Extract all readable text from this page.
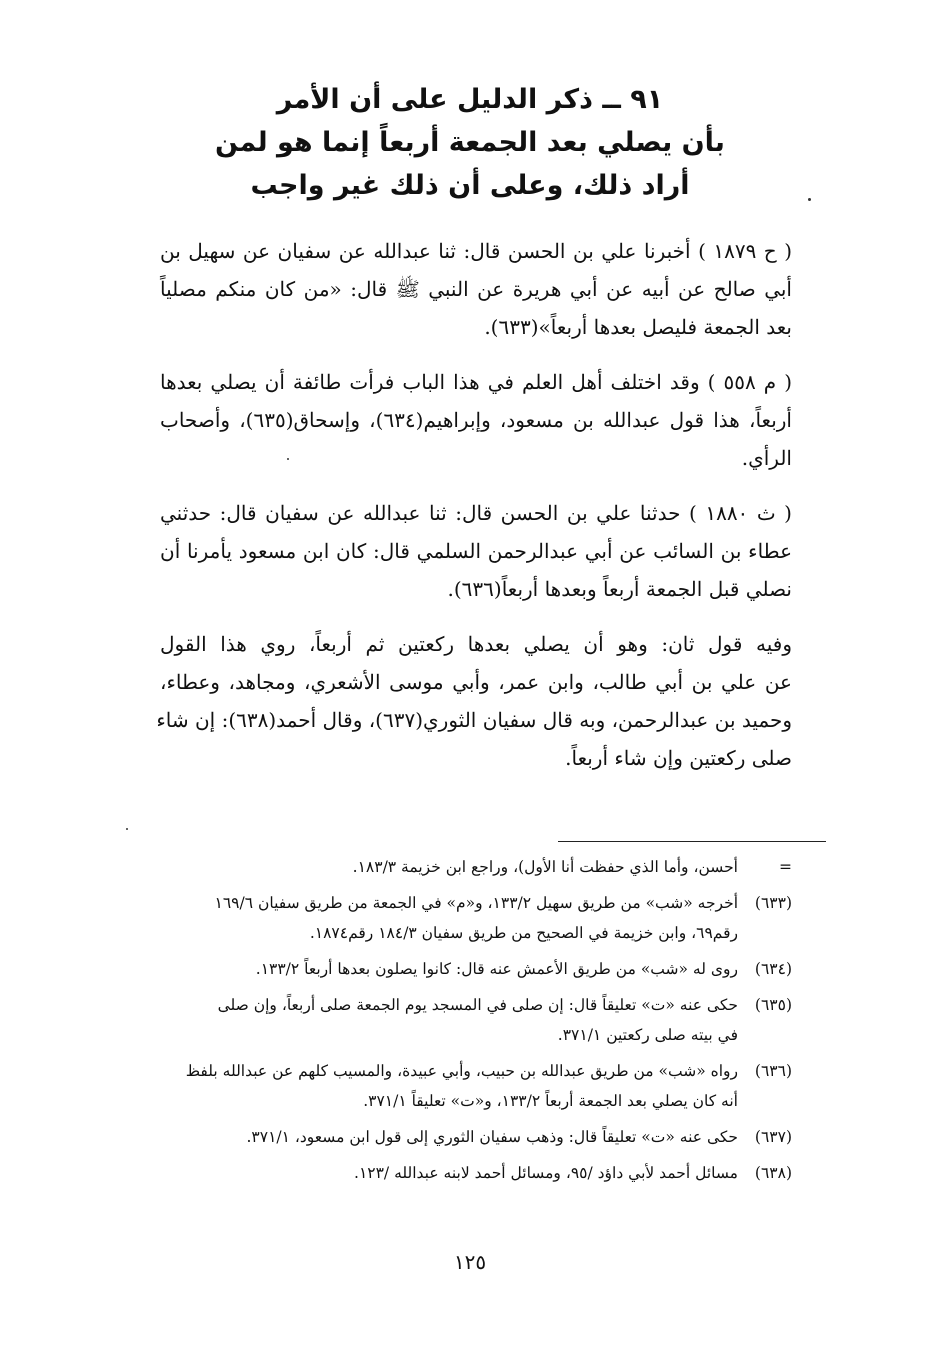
٩١ ــ ذكر الدليل على أن الأمر
بأن يصلي بعد الجمعة أربعاً إنما هو لمن
أراد ذلك، وعلى أن ذلك غير واجب
( ح ١٨٧٩ ) أخبرنا علي بن الحسن قال: ثنا عبدالله عن سفيان عن سهيل بن
أبي صالح عن أبيه عن أبي هريرة عن النبي ﷺ قال: «من كان منكم مصلياً
بعد الجمعة فليصل بعدها أربعاً»(٦٣٣).
( م ٥٥٨ ) وقد اختلف أهل العلم في هذا الباب فرأت طائفة أن يصلي بعدها
أربعاً، هذا قول عبدالله بن مسعود، وإبراهيم(٦٣٤)، وإسحاق(٦٣٥)، وأصحاب
الرأي.
( ث ١٨٨٠ ) حدثنا علي بن الحسن قال: ثنا عبدالله عن سفيان قال: حدثني
عطاء بن السائب عن أبي عبدالرحمن السلمي قال: كان ابن مسعود يأمرنا أن
نصلي قبل الجمعة أربعاً وبعدها أربعاً(٦٣٦).
وفيه قول ثان: وهو أن يصلي بعدها ركعتين ثم أربعاً، روي هذا القول
عن علي بن أبي طالب، وابن عمر، وأبي موسى الأشعري، ومجاهد، وعطاء،
وحميد بن عبدالرحمن، وبه قال سفيان الثوري(٦٣٧)، وقال أحمد(٦٣٨): إن شاء
صلى ركعتين وإن شاء أربعاً.
=
أحسن، وأما الذي حفظت أنا الأول)، وراجع ابن خزيمة ١٨٣/٣.
(٦٣٣)
أخرجه «شب» من طريق سهيل ١٣٣/٢، و«م» في الجمعة من طريق سفيان ١٦٩/٦
رقم٦٩، وابن خزيمة في الصحيح من طريق سفيان ١٨٤/٣ رقم١٨٧٤.
(٦٣٤)
روى له «شب» من طريق الأعمش عنه قال: كانوا يصلون بعدها أربعاً ١٣٣/٢.
(٦٣٥)
حكى عنه «ت» تعليقاً قال: إن صلى في المسجد يوم الجمعة صلى أربعاً، وإن صلى
في بيته صلى ركعتين ٣٧١/١.
(٦٣٦)
رواه «شب» من طريق عبدالله بن حبيب، وأبي عبيدة، والمسيب كلهم عن عبدالله بلفظ
أنه كان يصلي بعد الجمعة أربعاً ١٣٣/٢، و«ت» تعليقاً ٣٧١/١.
(٦٣٧)
حكى عنه «ت» تعليقاً قال: وذهب سفيان الثوري إلى قول ابن مسعود، ٣٧١/١.
(٦٣٨)
مسائل أحمد لأبي داؤد /٩٥، ومسائل أحمد لابنه عبدالله /١٢٣.
١٢٥
